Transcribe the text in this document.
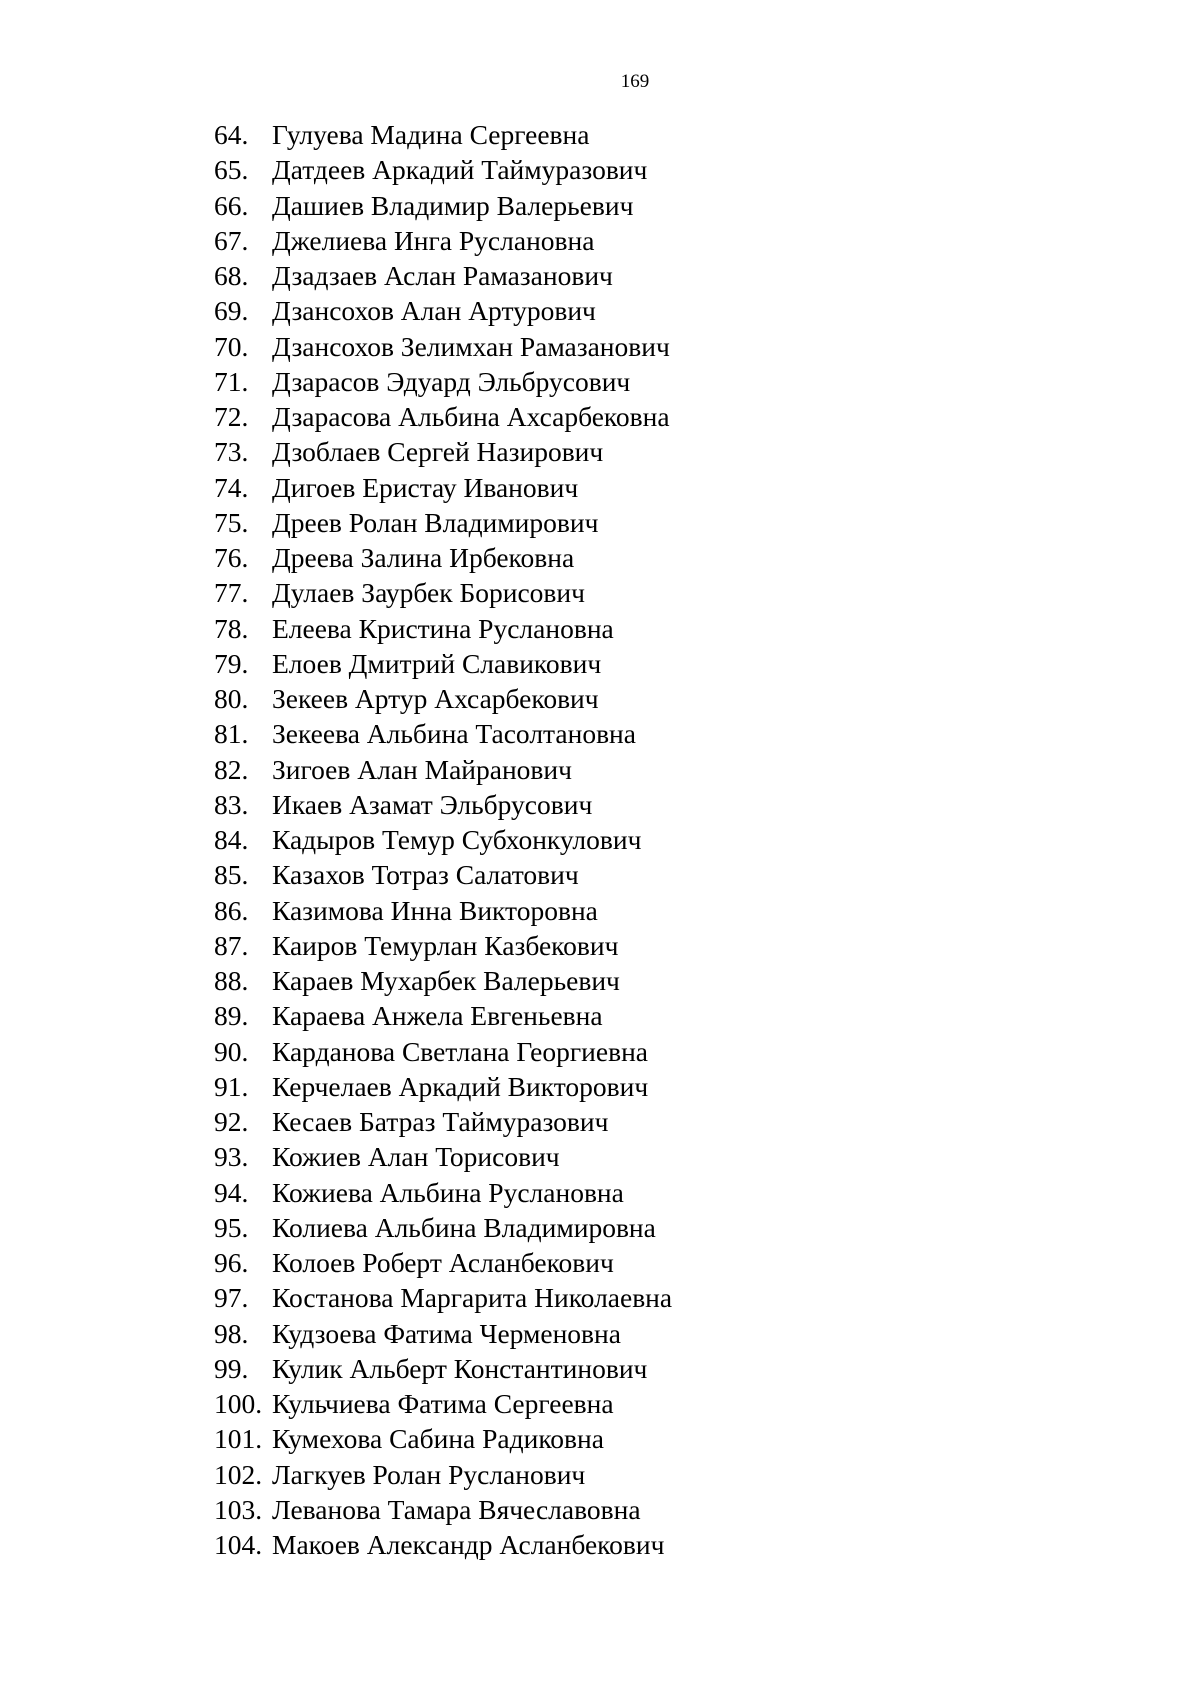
169
64. Гулуева Мадина Сергеевна
65. Датдеев Аркадий Таймуразович
66. Дашиев Владимир Валерьевич
67. Джелиева Инга Руслановна
68. Дзадзаев Аслан Рамазанович
69. Дзансохов Алан Артурович
70. Дзансохов Зелимхан Рамазанович
71. Дзарасов Эдуард Эльбрусович
72. Дзарасова Альбина Ахсарбековна
73. Дзоблаев Сергей Назирович
74. Дигоев Еристау Иванович
75. Дреев Ролан Владимирович
76. Дреева Залина Ирбековна
77. Дулаев Заурбек Борисович
78. Елеева Кристина Руслановна
79. Елоев Дмитрий Славикович
80. Зекеев Артур Ахсарбекович
81. Зекеева Альбина Тасолтановна
82. Зигоев Алан Майранович
83. Икаев Азамат Эльбрусович
84. Кадыров Темур Субхонкулович
85. Казахов Тотраз Салатович
86. Казимова Инна Викторовна
87. Каиров Темурлан Казбекович
88. Караев Мухарбек Валерьевич
89. Караева Анжела Евгеньевна
90. Карданова Светлана Георгиевна
91. Керчелаев Аркадий Викторович
92. Кесаев Батраз Таймуразович
93. Кожиев Алан Торисович
94. Кожиева Альбина Руслановна
95. Колиева Альбина Владимировна
96. Колоев Роберт Асланбекович
97. Костанова Маргарита Николаевна
98. Кудзоева Фатима Черменовна
99. Кулик Альберт Константинович
100. Кульчиева Фатима Сергеевна
101. Кумехова Сабина Радиковна
102. Лагкуев Ролан Русланович
103. Леванова Тамара Вячеславовна
104. Макоев Александр Асланбекович
